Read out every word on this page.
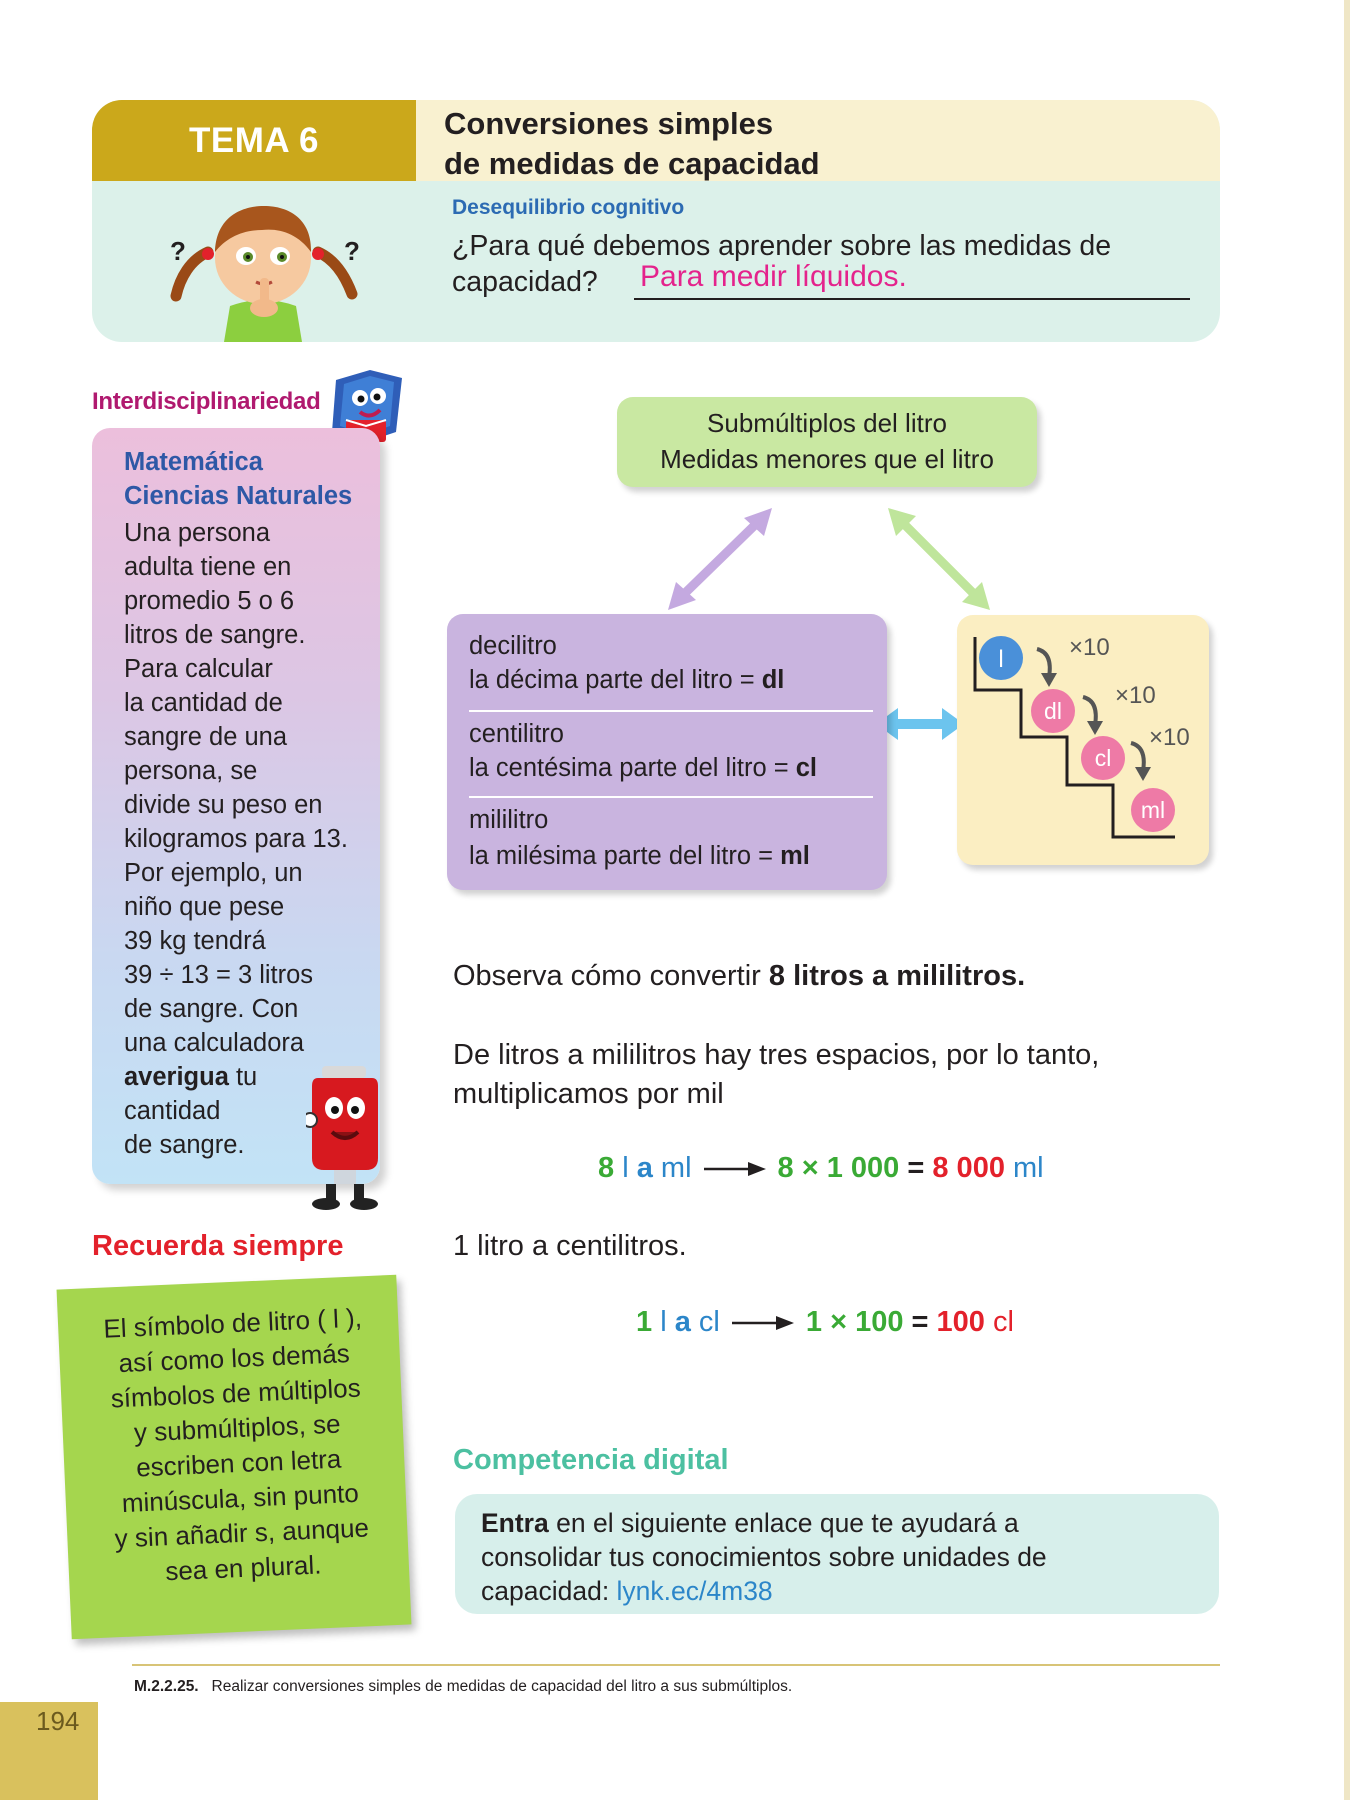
TEMA 6	Conversiones simples
de medidas de capacidad
?	?
Desequilibrio cognitivo
¿Para qué debemos aprender sobre las medidas de
capacidad?	Para medir líquidos.
Interdisciplinariedad
Matemática
Ciencias Naturales
Una persona
adulta tiene en
promedio 5 o 6
litros de sangre.
Para calcular
la cantidad de
sangre de una
persona, se
divide su peso en
kilogramos para 13.
Por ejemplo, un
niño que pese
39 kg tendrá
39 ÷ 13 = 3 litros
de sangre. Con
una calculadora
averigua tu
cantidad
de sangre.
Recuerda siempre
El símbolo de litro ( l ),
así como los demás
símbolos de múltiplos
y submúltiplos, se
escriben con letra
minúscula, sin punto
y sin añadir s, aunque
sea en plural.
Submúltiplos del litro
Medidas menores que el litro
decilitro
la décima parte del litro = dl
centilitro
la centésima parte del litro = cl
mililitro
la milésima parte del litro = ml
l
dl
cl
ml
×10
×10
×10
Observa cómo convertir 8 litros a mililitros.
De litros a mililitros hay tres espacios, por lo tanto,
multiplicamos por mil
8
l
a
ml	8
×
1 000
=
8 000
ml
1 litro a centilitros.
1
l
a
cl	1
×
100
=
100
cl
Competencia digital
Entra en el siguiente enlace que te ayudará a
consolidar tus conocimientos sobre unidades de
capacidad: lynk.ec/4m38
M.2.2.25. Realizar conversiones simples de medidas de capacidad del litro a sus submúltiplos.
194
